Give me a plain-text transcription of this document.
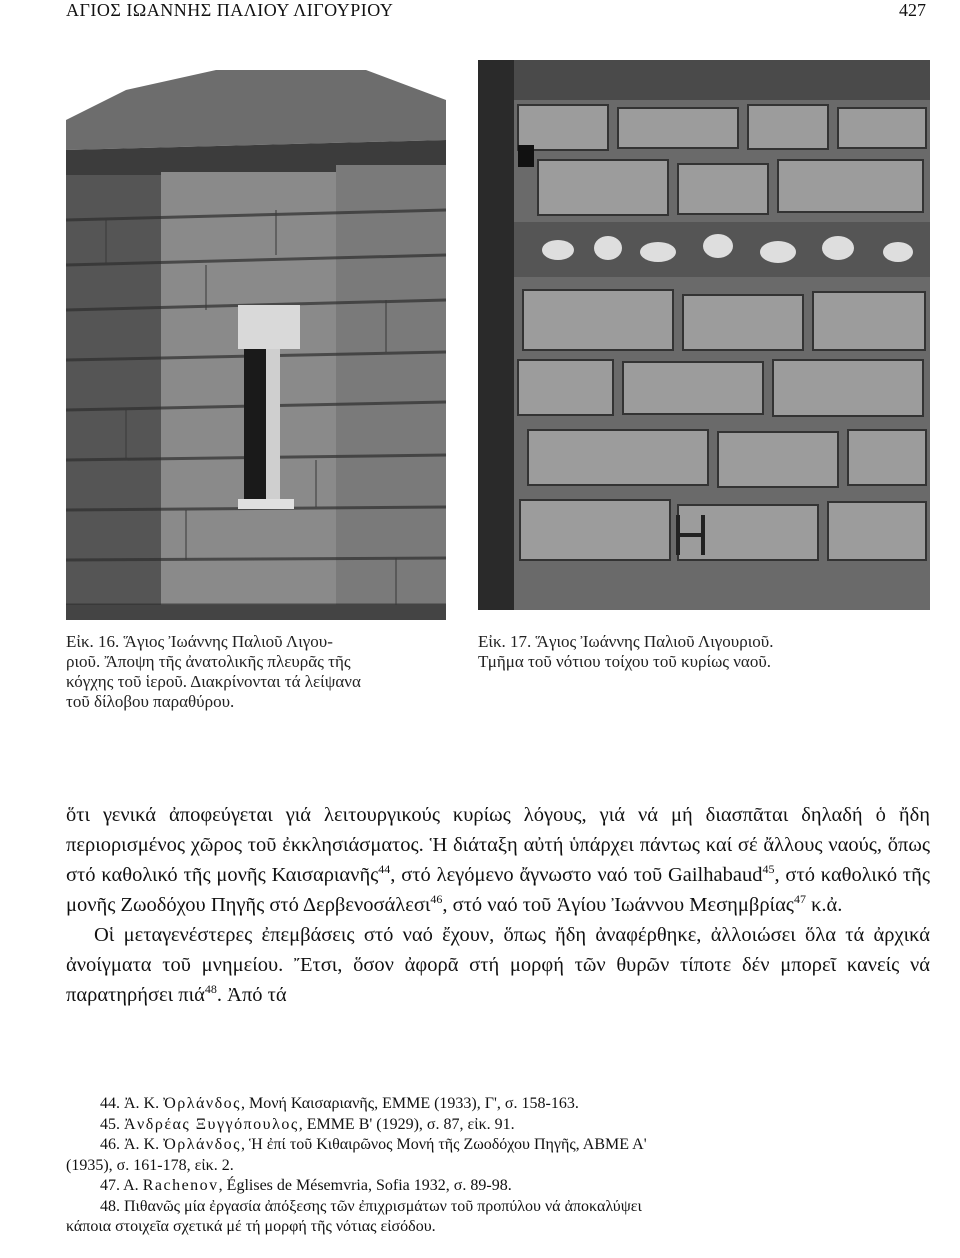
ΑΓΙΟΣ ΙΩΑΝΝΗΣ ΠΑΛΙΟΥ ΛΙΓΟΥΡΙΟΥ	427
Εἰκ. 16. Ἅγιος Ἰωάννης Παλιοῦ Λιγου-
ριοῦ. Ἄποψη τῆς ἀνατολικῆς πλευρᾶς τῆς
κόγχης τοῦ ἱεροῦ. Διακρίνονται τά λείψανα
τοῦ δίλοβου παραθύρου.
Εἰκ. 17. Ἅγιος Ἰωάννης Παλιοῦ Λιγουριοῦ.
Τμῆμα τοῦ νότιου τοίχου τοῦ κυρίως ναοῦ.

ὅτι γενικά ἀποφεύγεται γιά λειτουργικούς κυρίως λόγους, γιά νά μή διασπᾶται δηλαδή ὁ ἤδη περιορισμένος χῶρος τοῦ ἐκκλησιάσματος. Ἡ διάταξη αὐτή ὑπάρχει πάντως καί σέ ἄλλους ναούς, ὅπως στό καθολικό τῆς μονῆς Καισαριανῆς$^{44}$, στό λεγόμενο ἄγνωστο ναό τοῦ Gailhabaud$^{45}$, στό καθολικό τῆς μονῆς Ζωοδόχου Πηγῆς στό Δερβενοσάλεσι$^{46}$, στό ναό τοῦ Ἁγίου Ἰωάννου Μεσημβρίας$^{47}$ κ.ἀ.

Οἱ μεταγενέστερες ἐπεμβάσεις στό ναό ἔχουν, ὅπως ἤδη ἀναφέρθηκε, ἀλλοιώσει ὅλα τά ἀρχικά ἀνοίγματα τοῦ μνημείου. Ἔτσι, ὅσον ἀφορᾶ στή μορφή τῶν θυρῶν τίποτε δέν μπορεῖ κανείς νά παρατηρήσει πιά$^{48}$. Ἀπό τά

44. Ἀ. Κ. Ὀρλάνδος, Μονή Καισαριανῆς, ΕΜΜΕ (1933), Γ', σ. 158-163.
45. Ἀνδρέας Ξυγγόπουλος, ΕΜΜΕ Β' (1929), σ. 87, εἰκ. 91.
46. Ἀ. Κ. Ὀρλάνδος, Ἡ ἐπί τοῦ Κιθαιρῶνος Μονή τῆς Ζωοδόχου Πηγῆς, ΑΒΜΕ Α'
(1935), σ. 161-178, εἰκ. 2.
47. A. Rachenov, Églises de Mésemvria, Sofia 1932, σ. 89-98.
48. Πιθανῶς μία ἐργασία ἀπόξεσης τῶν ἐπιχρισμάτων τοῦ προπύλου νά ἀποκαλύψει
κάποια στοιχεῖα σχετικά μέ τή μορφή τῆς νότιας εἰσόδου.
